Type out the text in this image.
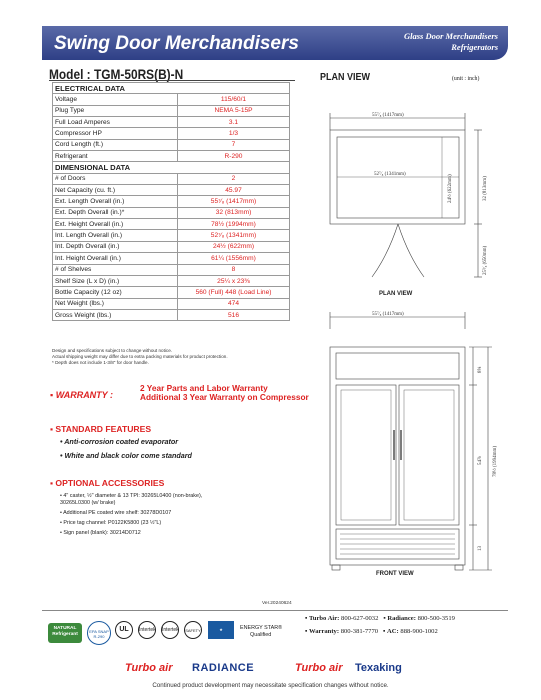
Swing Door Merchandisers	Glass Door Merchandisers
Refrigerators
Model : TGM-50RS(B)-N
ELECTRICAL DATA	
Voltage	115/60/1
Plug Type	NEMA 5-15P
Full Load Amperes	3.1
Compressor HP	1/3
Cord Length (ft.)	7
Refrigerant	R-290
DIMENSIONAL DATA	
# of Doors	2
Net Capacity (cu. ft.)	45.97
Ext. Length Overall (in.)	55⁷⁄₈ (1417mm)
Ext. Depth Overall (in.)*	32 (813mm)
Ext. Height Overall (in.)	78½ (1994mm)
Int. Length Overall (in.)	52⁷⁄₈ (1341mm)
Int. Depth Overall (in.)	24½ (622mm)
Int. Height Overall (in.)	61¼ (1556mm)
# of Shelves	8
Shelf Size (L x D) (in.)	25¼ x 23⅜
Bottle Capacity (12 oz)	560 (Full) 448 (Load Line)
Net Weight (lbs.)	474
Gross Weight (lbs.)	516
Design and specifications subject to change without notice.
Actual shipping weight may differ due to extra packing materials for product protection.
* Depth does not include 1-3/8" for door handle.
▪ WARRANTY :
2 Year Parts and Labor Warranty
Additional 3 Year Warranty on Compressor
▪ STANDARD FEATURES
• Anti-corrosion coated evaporator
• White and black color come standard
▪ OPTIONAL ACCESSORIES
• 4" caster, ½" diameter & 13 TPI: 30265L0400 (non-brake),
30265L0300 (w/ brake)
• Additional PE coated wire shelf: 30278D0107
• Price tag channel: P0122K5800 (23 ½"L)
• Sign panel (blank): 30214D0712
Ver.20240624
PLAN VIEW	(unit : inch)
55⁷⁄₈ (1417mm)
52⁷⁄₈ (1341mm)	24½ (622mm)	32 (813mm)
25⁵⁄₈ (650mm)
55⁷⁄₈ (1417mm)
8⅝
78½ (1994mm)
54⅞
13
PLAN VIEW
FRONT VIEW
NATURAL Refrigerant
EPA SNAP R-290
UL	Intertek Intertek	SAFETY	★	ENERGY STAR®
Qualified
▪ Turbo Air: 800-627-0032   ▪ Radiance: 800-500-3519
▪ Warranty: 800-381-7770   ▪ AC: 888-900-1002
Turbo air RADIANCE	Turbo air Texaking
Continued product development may necessitate specification changes without notice.
